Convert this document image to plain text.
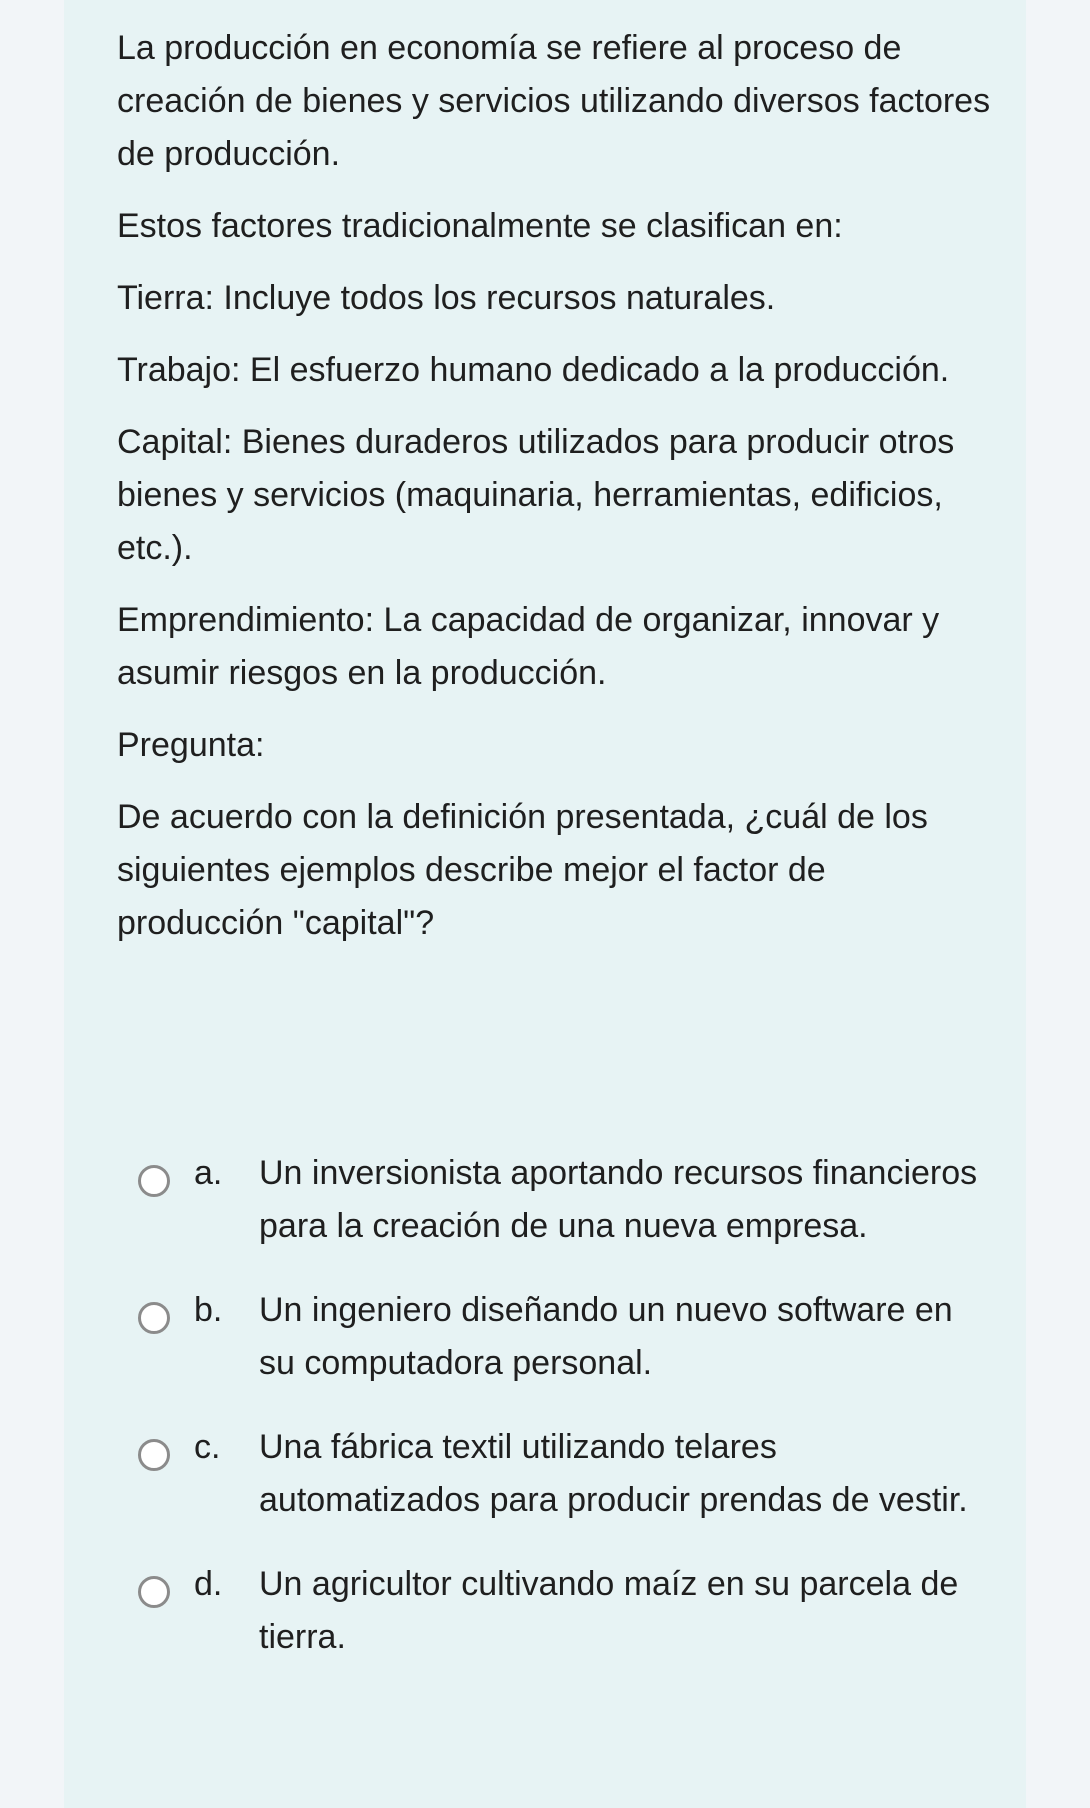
La producción en economía se refiere al proceso de creación de bienes y servicios utilizando diversos factores de producción.

Estos factores tradicionalmente se clasifican en:

Tierra: Incluye todos los recursos naturales.

Trabajo: El esfuerzo humano dedicado a la producción.

Capital: Bienes duraderos utilizados para producir otros bienes y servicios (maquinaria, herramientas, edificios, etc.).

Emprendimiento: La capacidad de organizar, innovar y asumir riesgos en la producción.

Pregunta:

De acuerdo con la definición presentada, ¿cuál de los siguientes ejemplos describe mejor el factor de producción "capital"?

a. Un inversionista aportando recursos financieros para la creación de una nueva empresa.
b. Un ingeniero diseñando un nuevo software en su computadora personal.
c. Una fábrica textil utilizando telares automatizados para producir prendas de vestir.
d. Un agricultor cultivando maíz en su parcela de tierra.
